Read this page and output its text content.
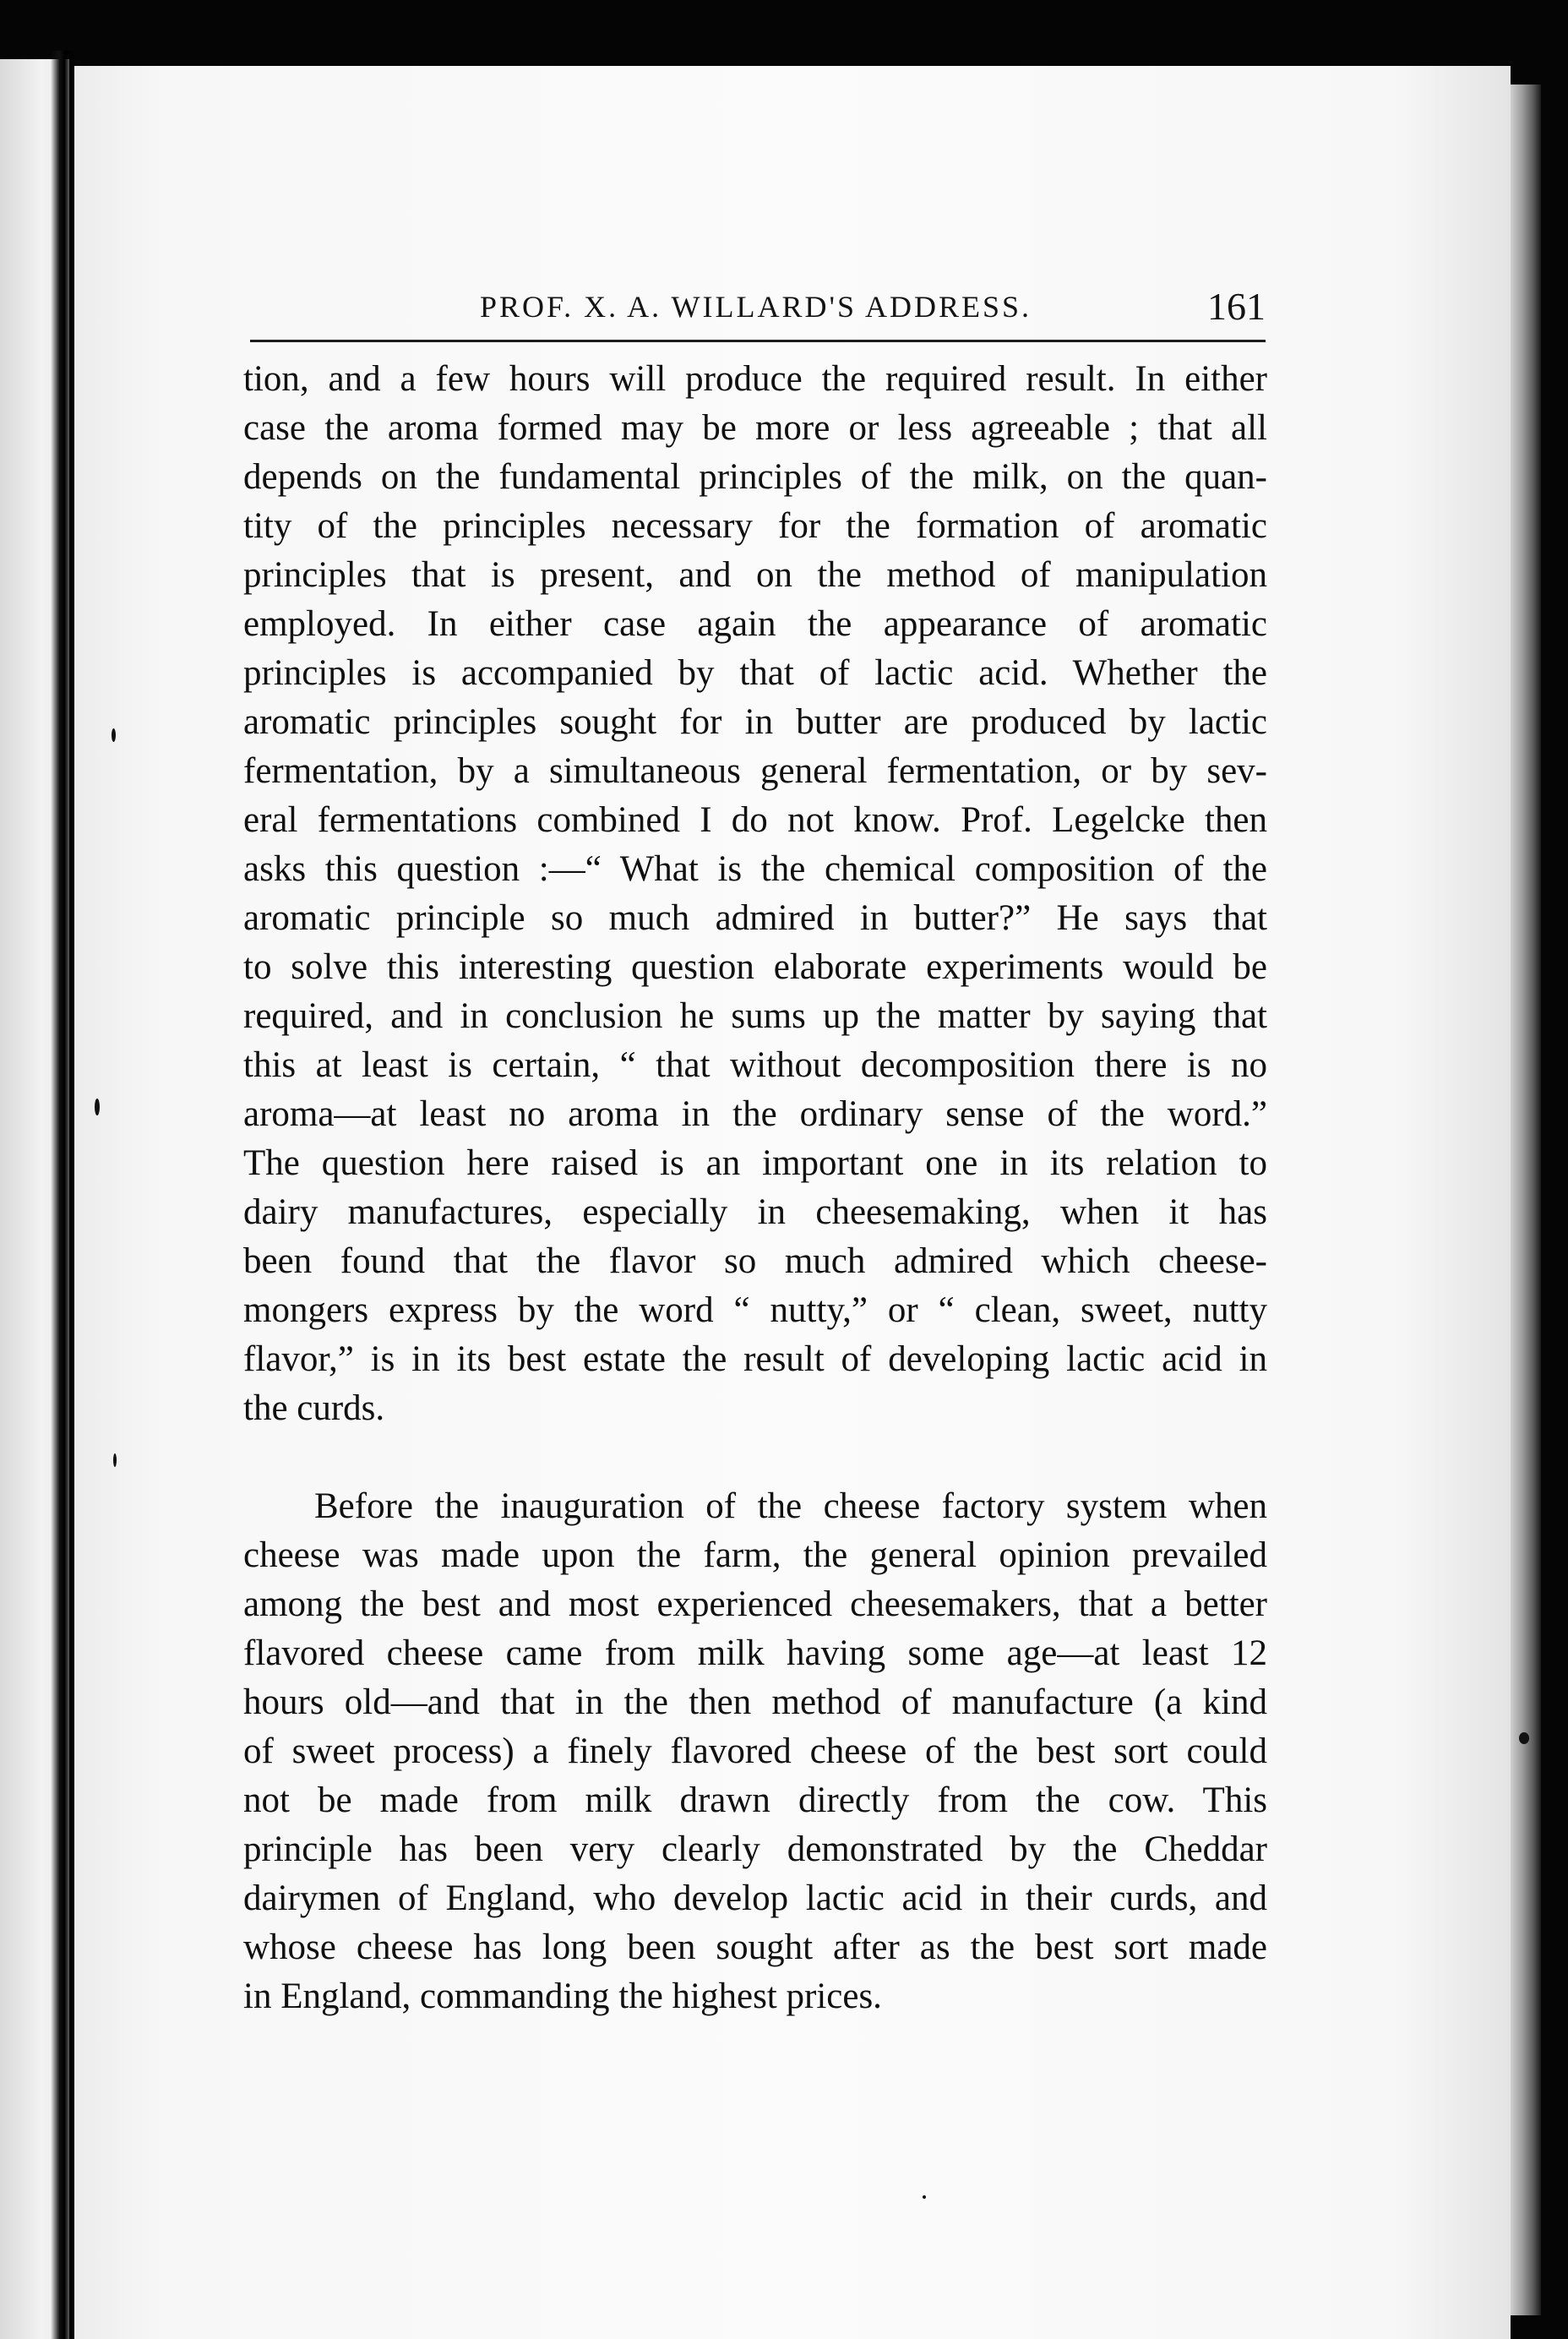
PROF. X. A. WILLARD'S ADDRESS.	161
tion, and a few hours will produce the required result. In either
case the aroma formed may be more or less agreeable ; that all
depends on the fundamental principles of the milk, on the quan-
tity of the principles necessary for the formation of aromatic
principles that is present, and on the method of manipulation
employed. In either case again the appearance of aromatic
principles is accompanied by that of lactic acid. Whether the
aromatic principles sought for in butter are produced by lactic
fermentation, by a simultaneous general fermentation, or by sev-
eral fermentations combined I do not know. Prof. Legelcke then
asks this question :—“ What is the chemical composition of the
aromatic principle so much admired in butter?” He says that
to solve this interesting question elaborate experiments would be
required, and in conclusion he sums up the matter by saying that
this at least is certain, “ that without decomposition there is no
aroma—at least no aroma in the ordinary sense of the word.”
The question here raised is an important one in its relation to
dairy manufactures, especially in cheesemaking, when it has
been found that the flavor so much admired which cheese-
mongers express by the word “ nutty,” or “ clean, sweet, nutty
flavor,” is in its best estate the result of developing lactic acid in
the curds.
Before the inauguration of the cheese factory system when
cheese was made upon the farm, the general opinion prevailed
among the best and most experienced cheesemakers, that a better
flavored cheese came from milk having some age—at least 12
hours old—and that in the then method of manufacture (a kind
of sweet process) a finely flavored cheese of the best sort could
not be made from milk drawn directly from the cow. This
principle has been very clearly demonstrated by the Cheddar
dairymen of England, who develop lactic acid in their curds, and
whose cheese has long been sought after as the best sort made
in England, commanding the highest prices.
